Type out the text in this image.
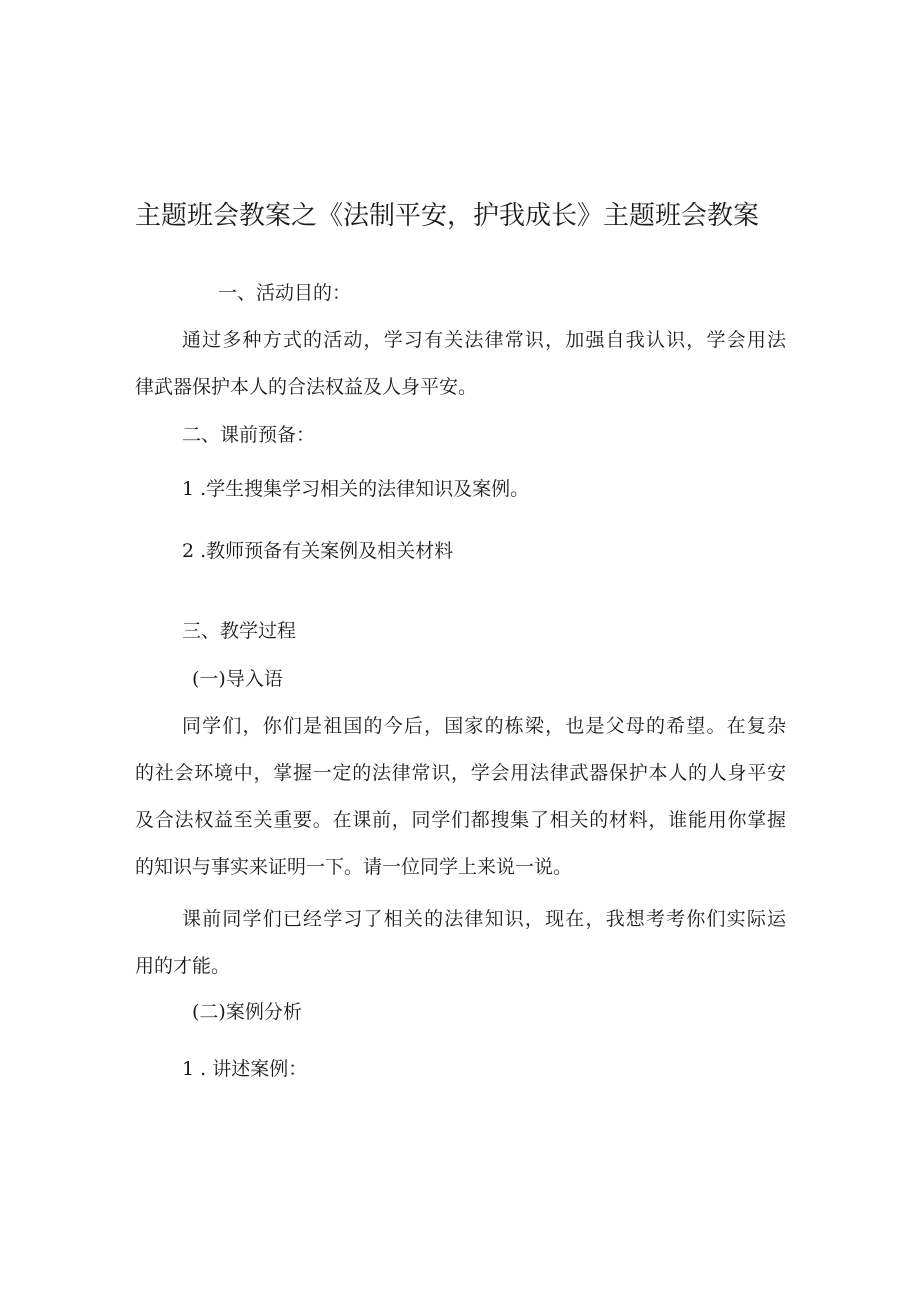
主题班会教案之《法制平安，护我成长》主题班会教案
一、活动目的：
通过多种方式的活动，学习有关法律常识，加强自我认识，学会用法
律武器保护本人的合法权益及人身平安。
二、课前预备：
1 .学生搜集学习相关的法律知识及案例。
2 .教师预备有关案例及相关材料
三、教学过程
(一)导入语
同学们，你们是祖国的今后，国家的栋梁，也是父母的希望。在复杂
的社会环境中，掌握一定的法律常识，学会用法律武器保护本人的人身平安
及合法权益至关重要。在课前，同学们都搜集了相关的材料，谁能用你掌握
的知识与事实来证明一下。请一位同学上来说一说。
课前同学们已经学习了相关的法律知识，现在，我想考考你们实际运
用的才能。
(二)案例分析
1 . 讲述案例：
